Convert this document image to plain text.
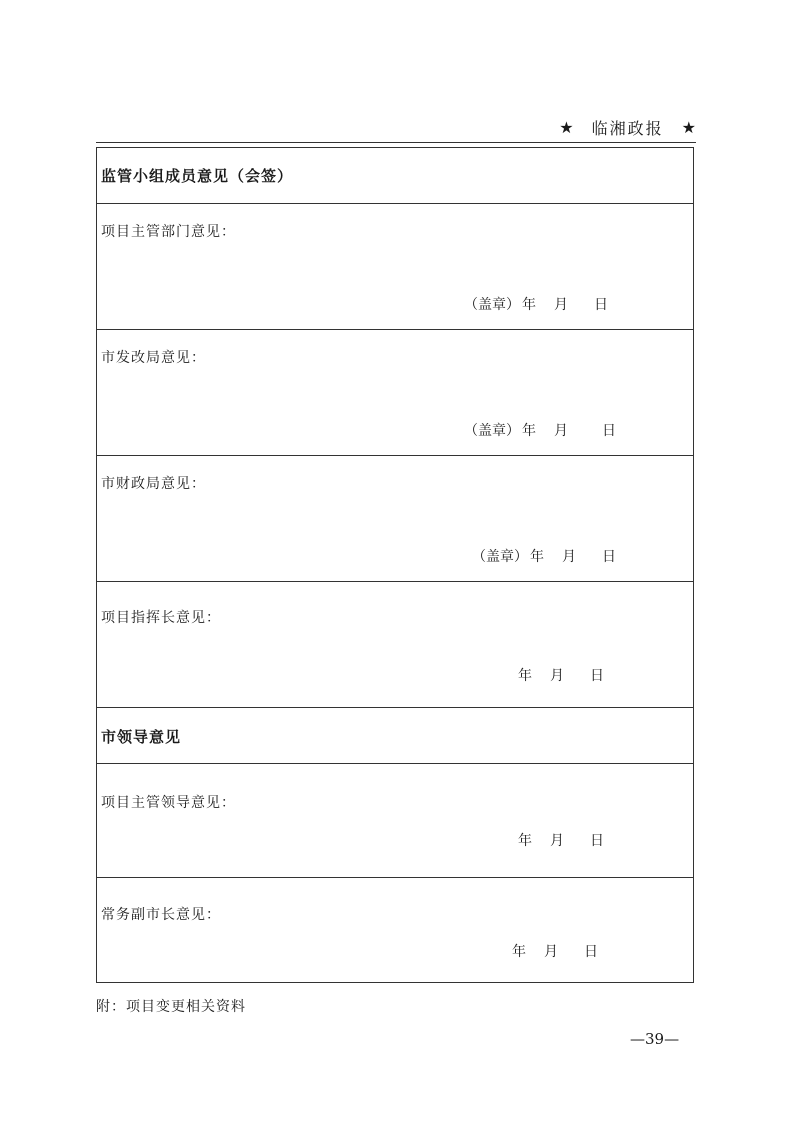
★ 临湘政报 ★
监管小组成员意见（会签）
项目主管部门意见：
（盖章） 年 月 日
市发改局意见：
（盖章） 年 月 日
市财政局意见：
（盖章） 年 月 日
项目指挥长意见：
年 月 日
市领导意见
项目主管领导意见：
年 月 日
常务副市长意见：
年 月 日
附：项目变更相关资料
—39—
